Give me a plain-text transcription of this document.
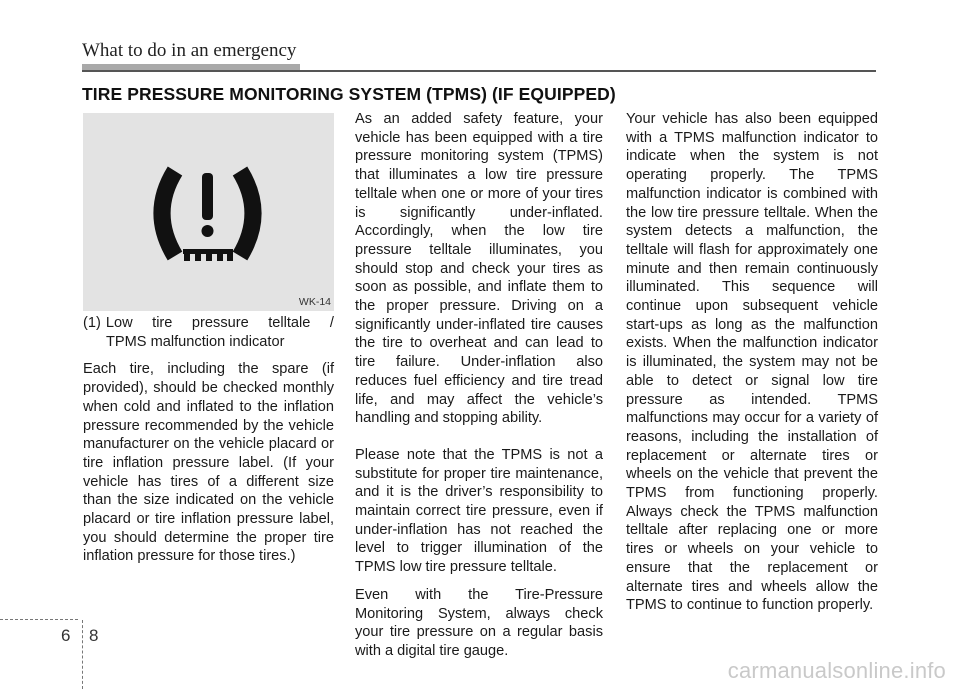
What to do in an emergency
TIRE PRESSURE MONITORING SYSTEM (TPMS) (IF EQUIPPED)
WK-14
(1) Low tire pressure telltale /
TPMS malfunction indicator

Each tire, including the spare (if provided), should be checked monthly when cold and inflated to the inflation pressure recommended by the vehicle manufacturer on the vehicle placard or tire inflation pressure label. (If your vehicle has tires of a different size than the size indicated on the vehicle placard or tire inflation pressure label, you should determine the proper tire inflation pressure for those tires.)

As an added safety feature, your vehicle has been equipped with a tire pressure monitoring system (TPMS) that illuminates a low tire pressure telltale when one or more of your tires is significantly under-inflated. Accordingly, when the low tire pressure telltale illuminates, you should stop and check your tires as soon as possible, and inflate them to the proper pressure. Driving on a significantly under-inflated tire causes the tire to overheat and can lead to tire failure. Under-inflation also reduces fuel efficiency and tire tread life, and may affect the vehicle’s handling and stopping ability.

Please note that the TPMS is not a substitute for proper tire maintenance, and it is the driver’s responsibility to maintain correct tire pressure, even if under-inflation has not reached the level to trigger illumination of the TPMS low tire pressure telltale.

Even with the Tire-Pressure Monitoring System, always check your tire pressure on a regular basis with a digital tire gauge.

Your vehicle has also been equipped with a TPMS malfunction indicator to indicate when the system is not operating properly. The TPMS malfunction indicator is combined with the low tire pressure telltale. When the system detects a malfunction, the telltale will flash for approximately one minute and then remain continuously illuminated. This sequence will continue upon subsequent vehicle start-ups as long as the malfunction exists. When the malfunction indicator is illuminated, the system may not be able to detect or signal low tire pressure as intended. TPMS malfunctions may occur for a variety of reasons, including the installation of replacement or alternate tires or wheels on the vehicle that prevent the TPMS from functioning properly. Always check the TPMS malfunction telltale after replacing one or more tires or wheels on your vehicle to ensure that the replacement or alternate tires and wheels allow the TPMS to continue to function properly.

6 8
carmanualsonline.info
